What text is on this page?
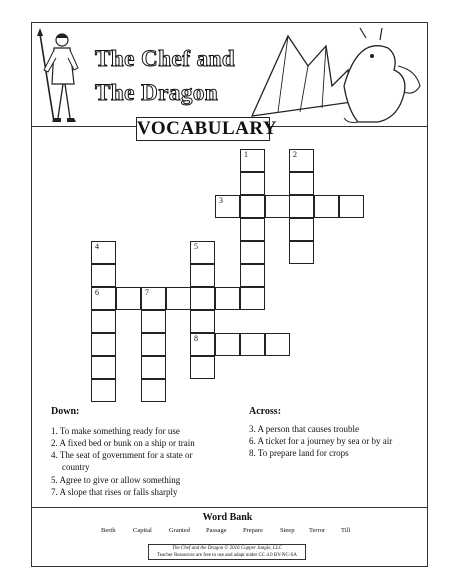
The Chef and
The Dragon
VOCABULARY
1	2
3
4	5
6	7
8
Down:
1. To make something ready for use
2. A fixed bed or bunk on a ship or train
4. The seat of government for a state or
country
5. Agree to give or allow something
7. A slope that rises or falls sharply
Across:
3. A person that causes trouble
6. A ticket for a journey by sea or by air
8. To prepare land for crops
Word Bank
Berth	Capital	Granted Passage	Prepare	Steep Terror Till
The Chef and the Dragon © 2016 Copper Jungle, LLC
Teacher Resources are free to use and adapt under CC 4.0 BY-NC-SA
